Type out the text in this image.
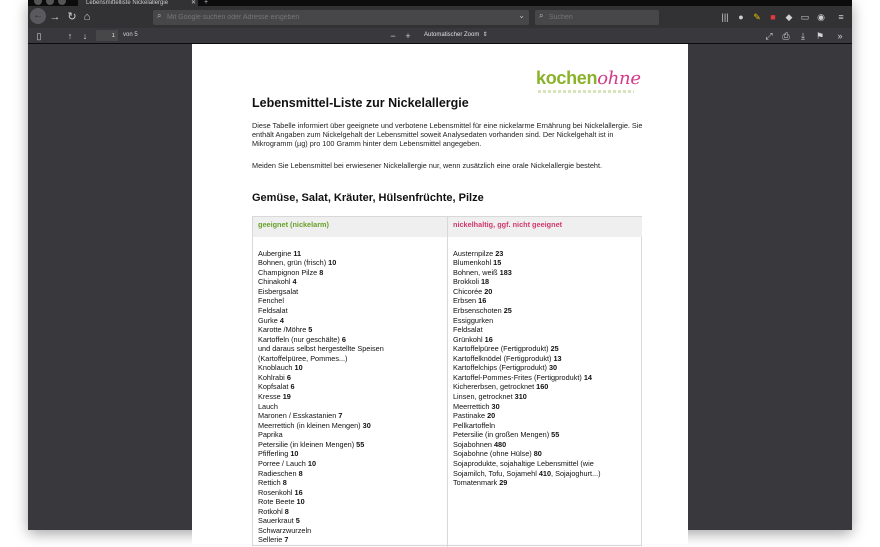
Lebensmittelliste Nickelallergie	✕ +
← → ↻ ⌂	⌕
Mit Google suchen oder Adresse eingeben	⌄ ⌕
Suchen	|||	●	✎	■	◆ ▭ ◉	≡
▯	↑	↓
1	von 5	−	+	Automatischer Zoom  ⇕	⤢	⎙	⤓	⚑	»
kochenohne
Lebensmittel-Liste zur Nickelallergie
Diese Tabelle informiert über geeignete und verbotene Lebensmittel für eine nickelarme Ernährung bei Nickelallergie. Sie enthält Angaben zum Nickelgehalt der Lebensmittel soweit Analysedaten vorhanden sind. Der Nickelgehalt ist in Mikrogramm (µg) pro 100 Gramm hinter dem Lebensmittel angegeben.
Meiden Sie Lebensmittel bei erwiesener Nickelallergie nur, wenn zusätzlich eine orale Nickelallergie besteht.
Gemüse, Salat, Kräuter, Hülsenfrüchte, Pilze
geeignet (nickelarm)	nickelhaltig, ggf. nicht geeignet

Aubergine 11
Bohnen, grün (frisch) 10
Champignon Pilze 8
Chinakohl 4
Eisbergsalat
Fenchel
Feldsalat
Gurke 4
Karotte /Möhre 5
Kartoffeln (nur geschälte) 6
und daraus selbst hergestellte Speisen
(Kartoffelpüree, Pommes...)
Knoblauch 10
Kohlrabi 6
Kopfsalat 6
Kresse 19
Lauch
Maronen / Esskastanien 7
Meerrettich (in kleinen Mengen) 30
Paprika
Petersilie (in kleinen Mengen) 55
Pfifferling 10
Porree / Lauch 10
Radieschen 8
Rettich 8
Rosenkohl 16
Rote Beete 10
Rotkohl 8
Sauerkraut 5
Schwarzwurzeln
Sellerie 7

Austernpilze 23
Blumenkohl 15
Bohnen, weiß 183
Brokkoli 18
Chicorée 20
Erbsen 16
Erbsenschoten 25
Essiggurken
Feldsalat
Grünkohl 16
Kartoffelpüree (Fertigprodukt) 25
Kartoffelknödel (Fertigprodukt) 13
Kartoffelchips (Fertigprodukt) 30
Kartoffel-Pommes-Frites (Fertigprodukt) 14
Kichererbsen, getrocknet 160
Linsen, getrocknet 310
Meerrettich 30
Pastinake 20
Pellkartoffeln
Petersilie (in großen Mengen) 55
Sojabohnen 480
Sojabohne (ohne Hülse) 80
Sojaprodukte, sojahaltige Lebensmittel (wie
Sojamilch, Tofu, Sojamehl 410, Sojajoghurt...)
Tomatenmark 29
